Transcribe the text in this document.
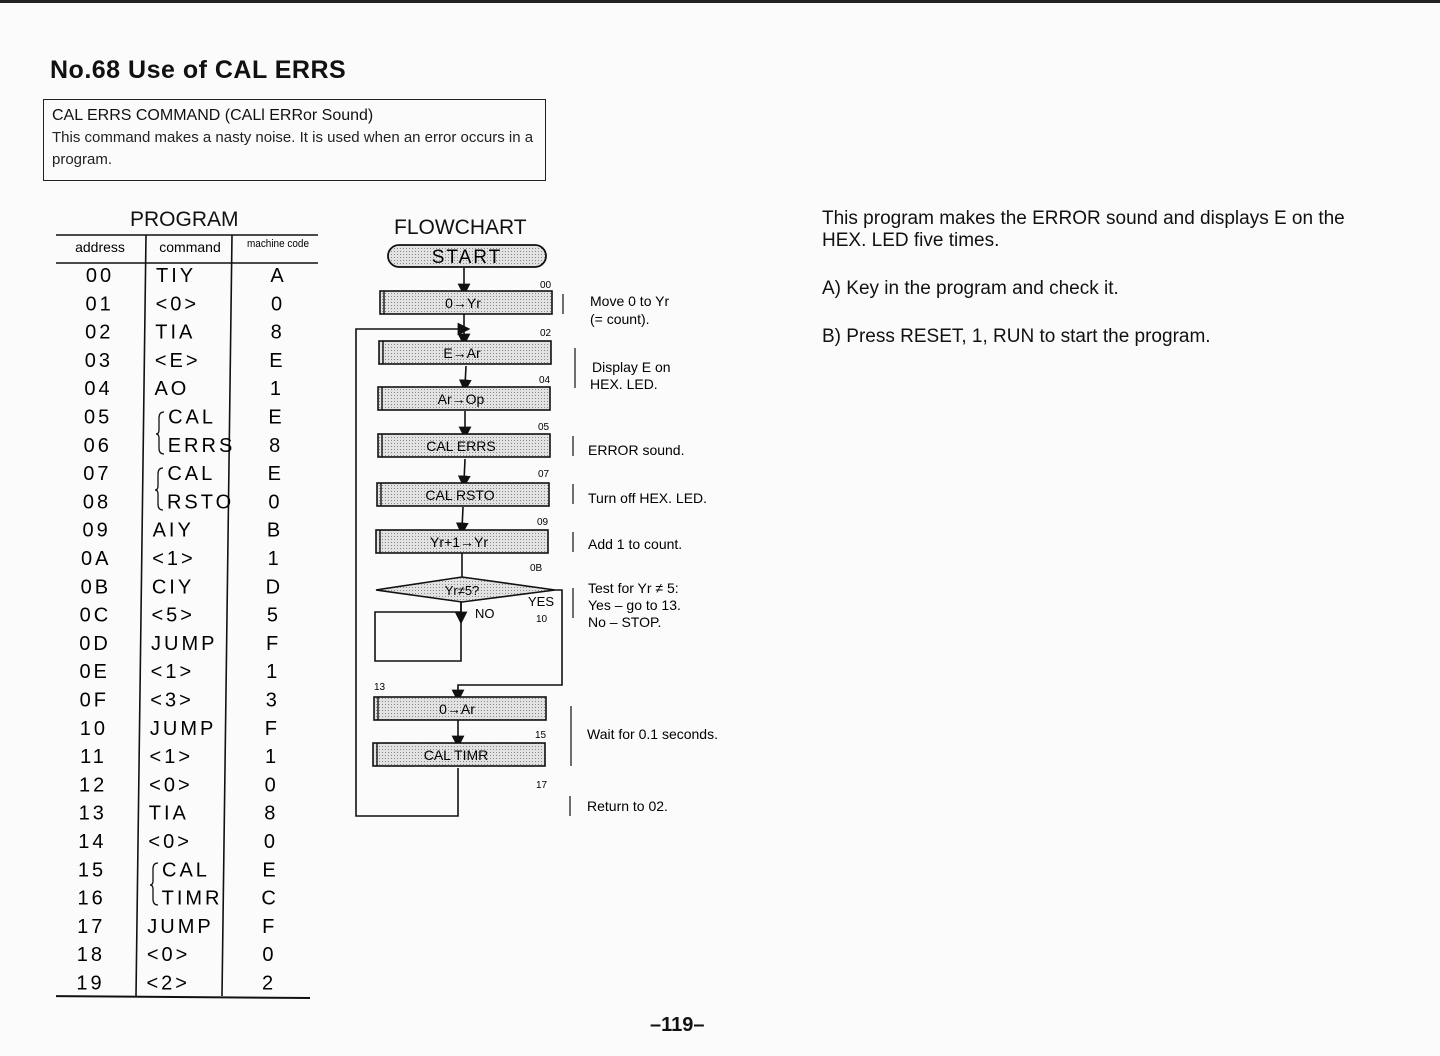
No.68 Use of CAL ERRS
CAL ERRS COMMAND (CALl ERRor Sound)
This command makes a nasty noise. It is used when an error occurs in a program.
PROGRAM	FLOWCHART
address command machine code
00 TIY	A
01 <0>	0
02 TIA	8
03 <E>	E
04 AO	1
05	CAL	E
06	ERRS 8
07	CAL	E
08	RSTO 0
09 AIY	B
0A <1>	1
0B CIY	D
0C <5>	5
0D JUMP F
0E <1>	1
0F <3>	3
10 JUMP F
11 <1>	1
12 <0>	0
13 TIA	8
14 <0>	0
15	CAL	E
16	TIMR C
17 JUMP F
18 <0>	0
19 <2>	2
START
0→Yr
E→Ar
Ar→Op
CAL ERRS
CAL RSTO
Yr+1→Yr
0→Ar
CAL TIMR
Yr≠5?
YES
NO	10
17
00
02
04
05
07
09
0B
13
15
Move 0 to Yr
(= count).
Display E on
HEX. LED.
ERROR sound.
Turn off HEX. LED.
Add 1 to count.
Test for Yr ≠ 5:
Yes – go to 13.
No – STOP.
Wait for 0.1 seconds.
Return to 02.

This program makes the ERROR sound and displays E on the HEX. LED five times.

A) Key in the program and check it.

B) Press RESET, 1, RUN to start the program.

–119–
